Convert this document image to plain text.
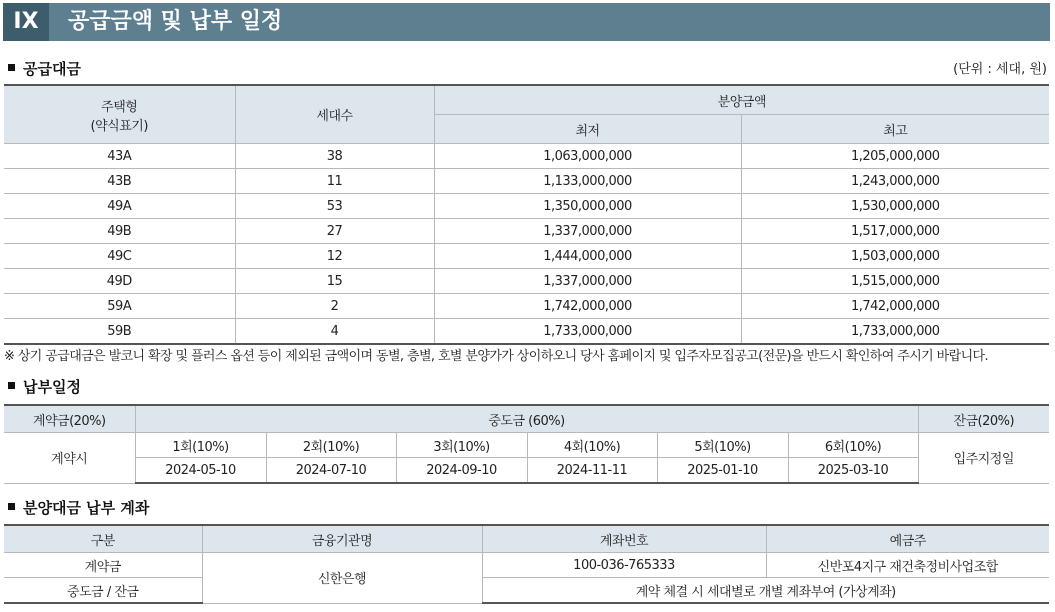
IX	공급금액 및 납부 일정
공급대금	(단위 : 세대, 원)
주택형
(약식표기)	세대수	분양금액	
		최저	최고
43A	38	1,063,000,000	1,205,000,000
43B	11	1,133,000,000	1,243,000,000
49A	53	1,350,000,000	1,530,000,000
49B	27	1,337,000,000	1,517,000,000
49C	12	1,444,000,000	1,503,000,000
49D	15	1,337,000,000	1,515,000,000
59A	2	1,742,000,000	1,742,000,000
59B	4	1,733,000,000	1,733,000,000
※ 상기 공급대금은 발코니 확장 및 플러스 옵션 등이 제외된 금액이며 동별, 층별, 호별 분양가가 상이하오니 당사 홈페이지 및 입주자모집공고(전문)을 반드시 확인하여 주시기 바랍니다.
납부일정
계약금(20%)	중도금 (60%)						잔금(20%)
계약시	1회(10%)	2회(10%)	3회(10%)	4회(10%)	5회(10%)	6회(10%)	입주지정일
	2024-05-10	2024-07-10	2024-09-10	2024-11-11	2025-01-10	2025-03-10	
분양대금 납부 계좌
구분	금융기관명	계좌번호	예금주
계약금	신한은행	100-036-765333	신반포4지구 재건축정비사업조합
중도금 / 잔금		계약 체결 시 세대별로 개별 계좌부여 (가상계좌)	
